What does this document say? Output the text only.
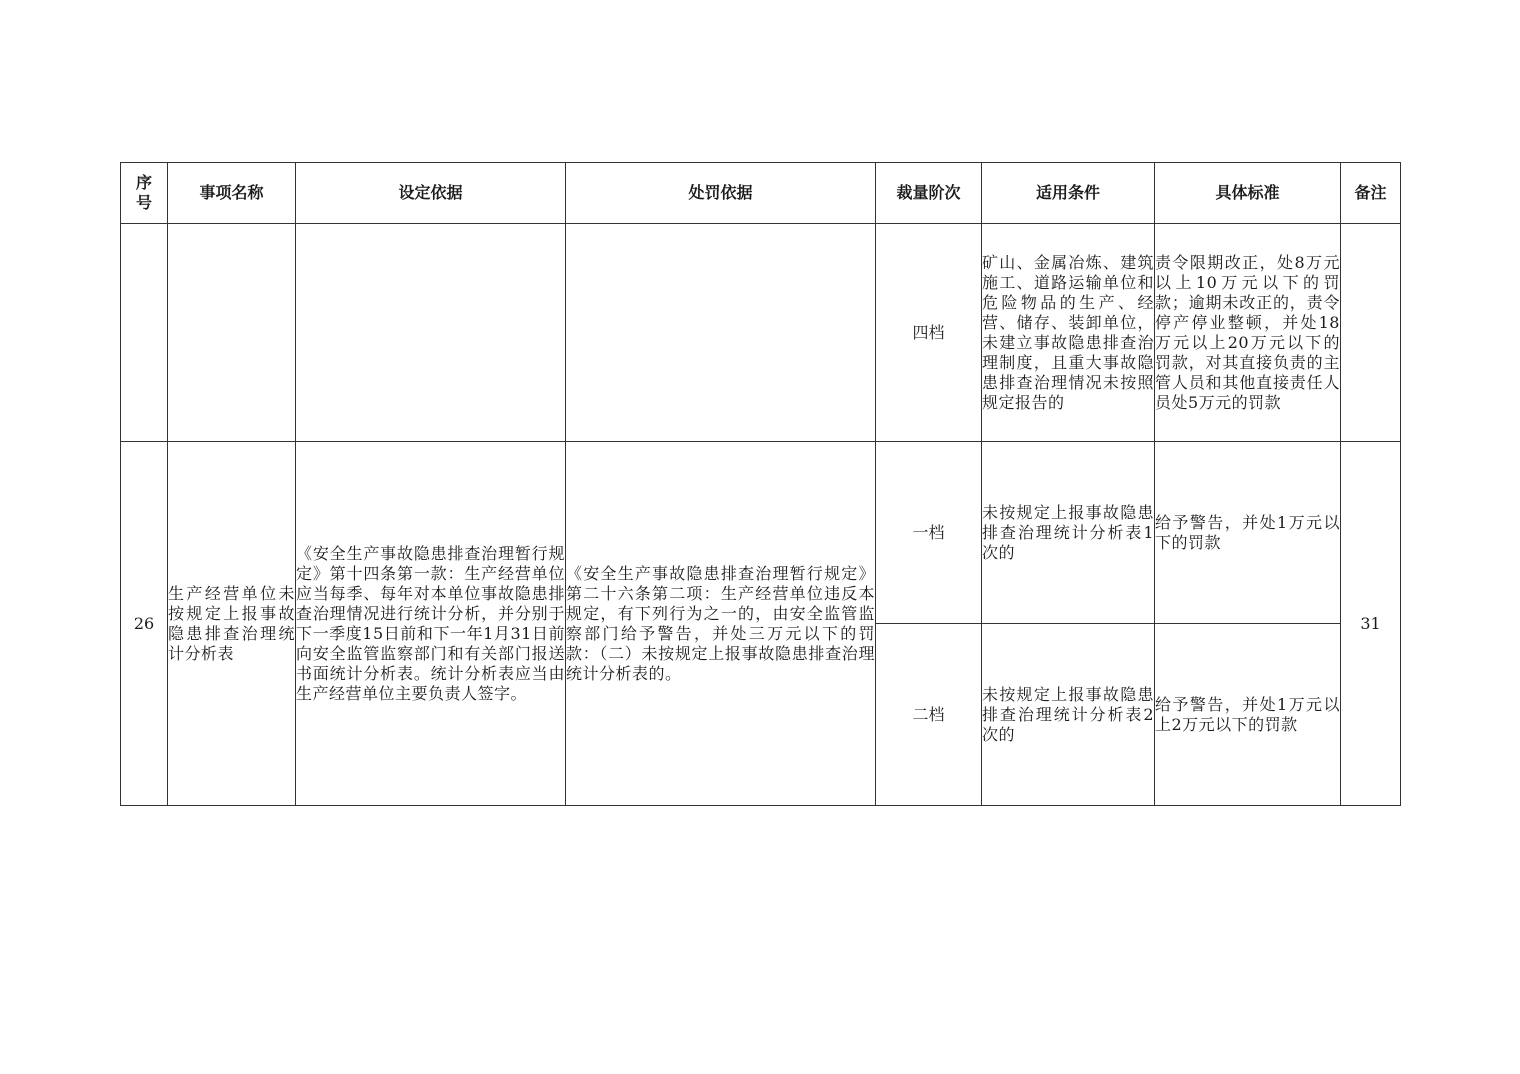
序号	事项名称	设定依据	处罚依据	裁量阶次	适用条件	具体标准	备注
				四档	矿山、金属冶炼、建筑施工、道路运输单位和危险物品的生产、经营、储存、装卸单位，未建立事故隐患排查治理制度，且重大事故隐患排查治理情况未按照规定报告的	责令限期改正，处8万元以上10万元以下的罚款；逾期未改正的，责令停产停业整顿，并处18万元以上20万元以下的罚款，对其直接负责的主管人员和其他直接责任人员处5万元的罚款	
26	生产经营单位未按规定上报事故隐患排查治理统计分析表	《安全生产事故隐患排查治理暂行规定》第十四条第一款：生产经营单位应当每季、每年对本单位事故隐患排查治理情况进行统计分析，并分别于下一季度15日前和下一年1月31日前向安全监管监察部门和有关部门报送书面统计分析表。统计分析表应当由生产经营单位主要负责人签字。	《安全生产事故隐患排查治理暂行规定》第二十六条第二项：生产经营单位违反本规定，有下列行为之一的，由安全监管监察部门给予警告，并处三万元以下的罚款：（二）未按规定上报事故隐患排查治理统计分析表的。	一档	未按规定上报事故隐患排查治理统计分析表1次的	给予警告，并处1万元以下的罚款	31
				二档	未按规定上报事故隐患排查治理统计分析表2次的	给予警告，并处1万元以上2万元以下的罚款	
